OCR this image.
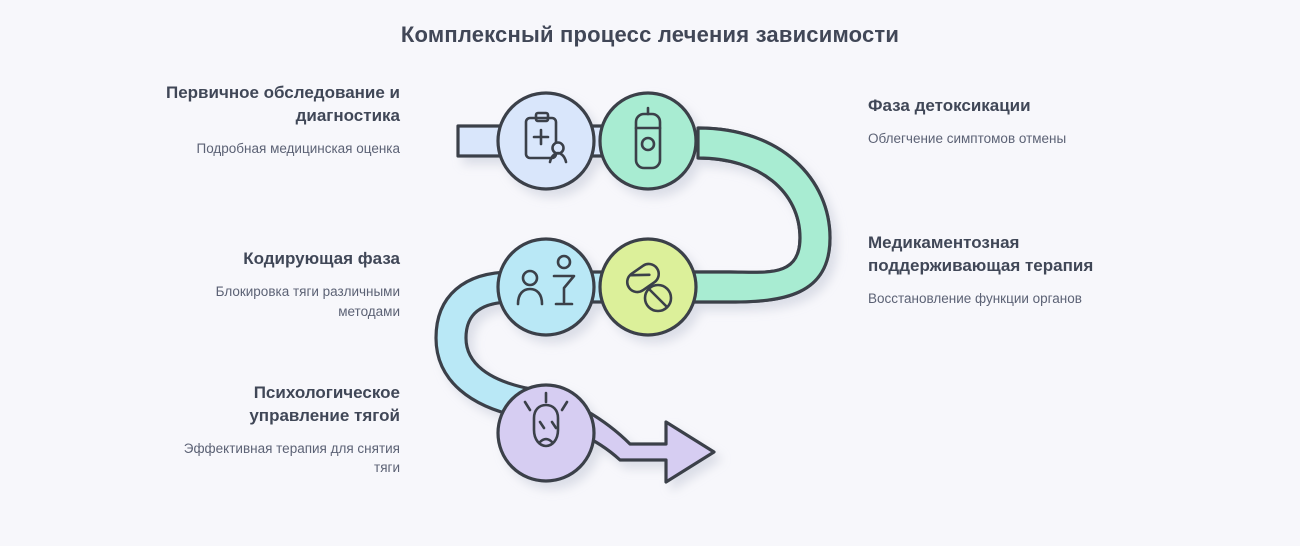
Комплексный процесс лечения зависимости
Первичное обследование и диагностика
Подробная медицинская оценка
Кодирующая фаза
Блокировка тяги различными методами
Психологическое управление тягой
Эффективная терапия для снятия тяги
Фаза детоксикации
Облегчение симптомов отмены
Медикаментозная поддерживающая терапия
Восстановление функции органов
